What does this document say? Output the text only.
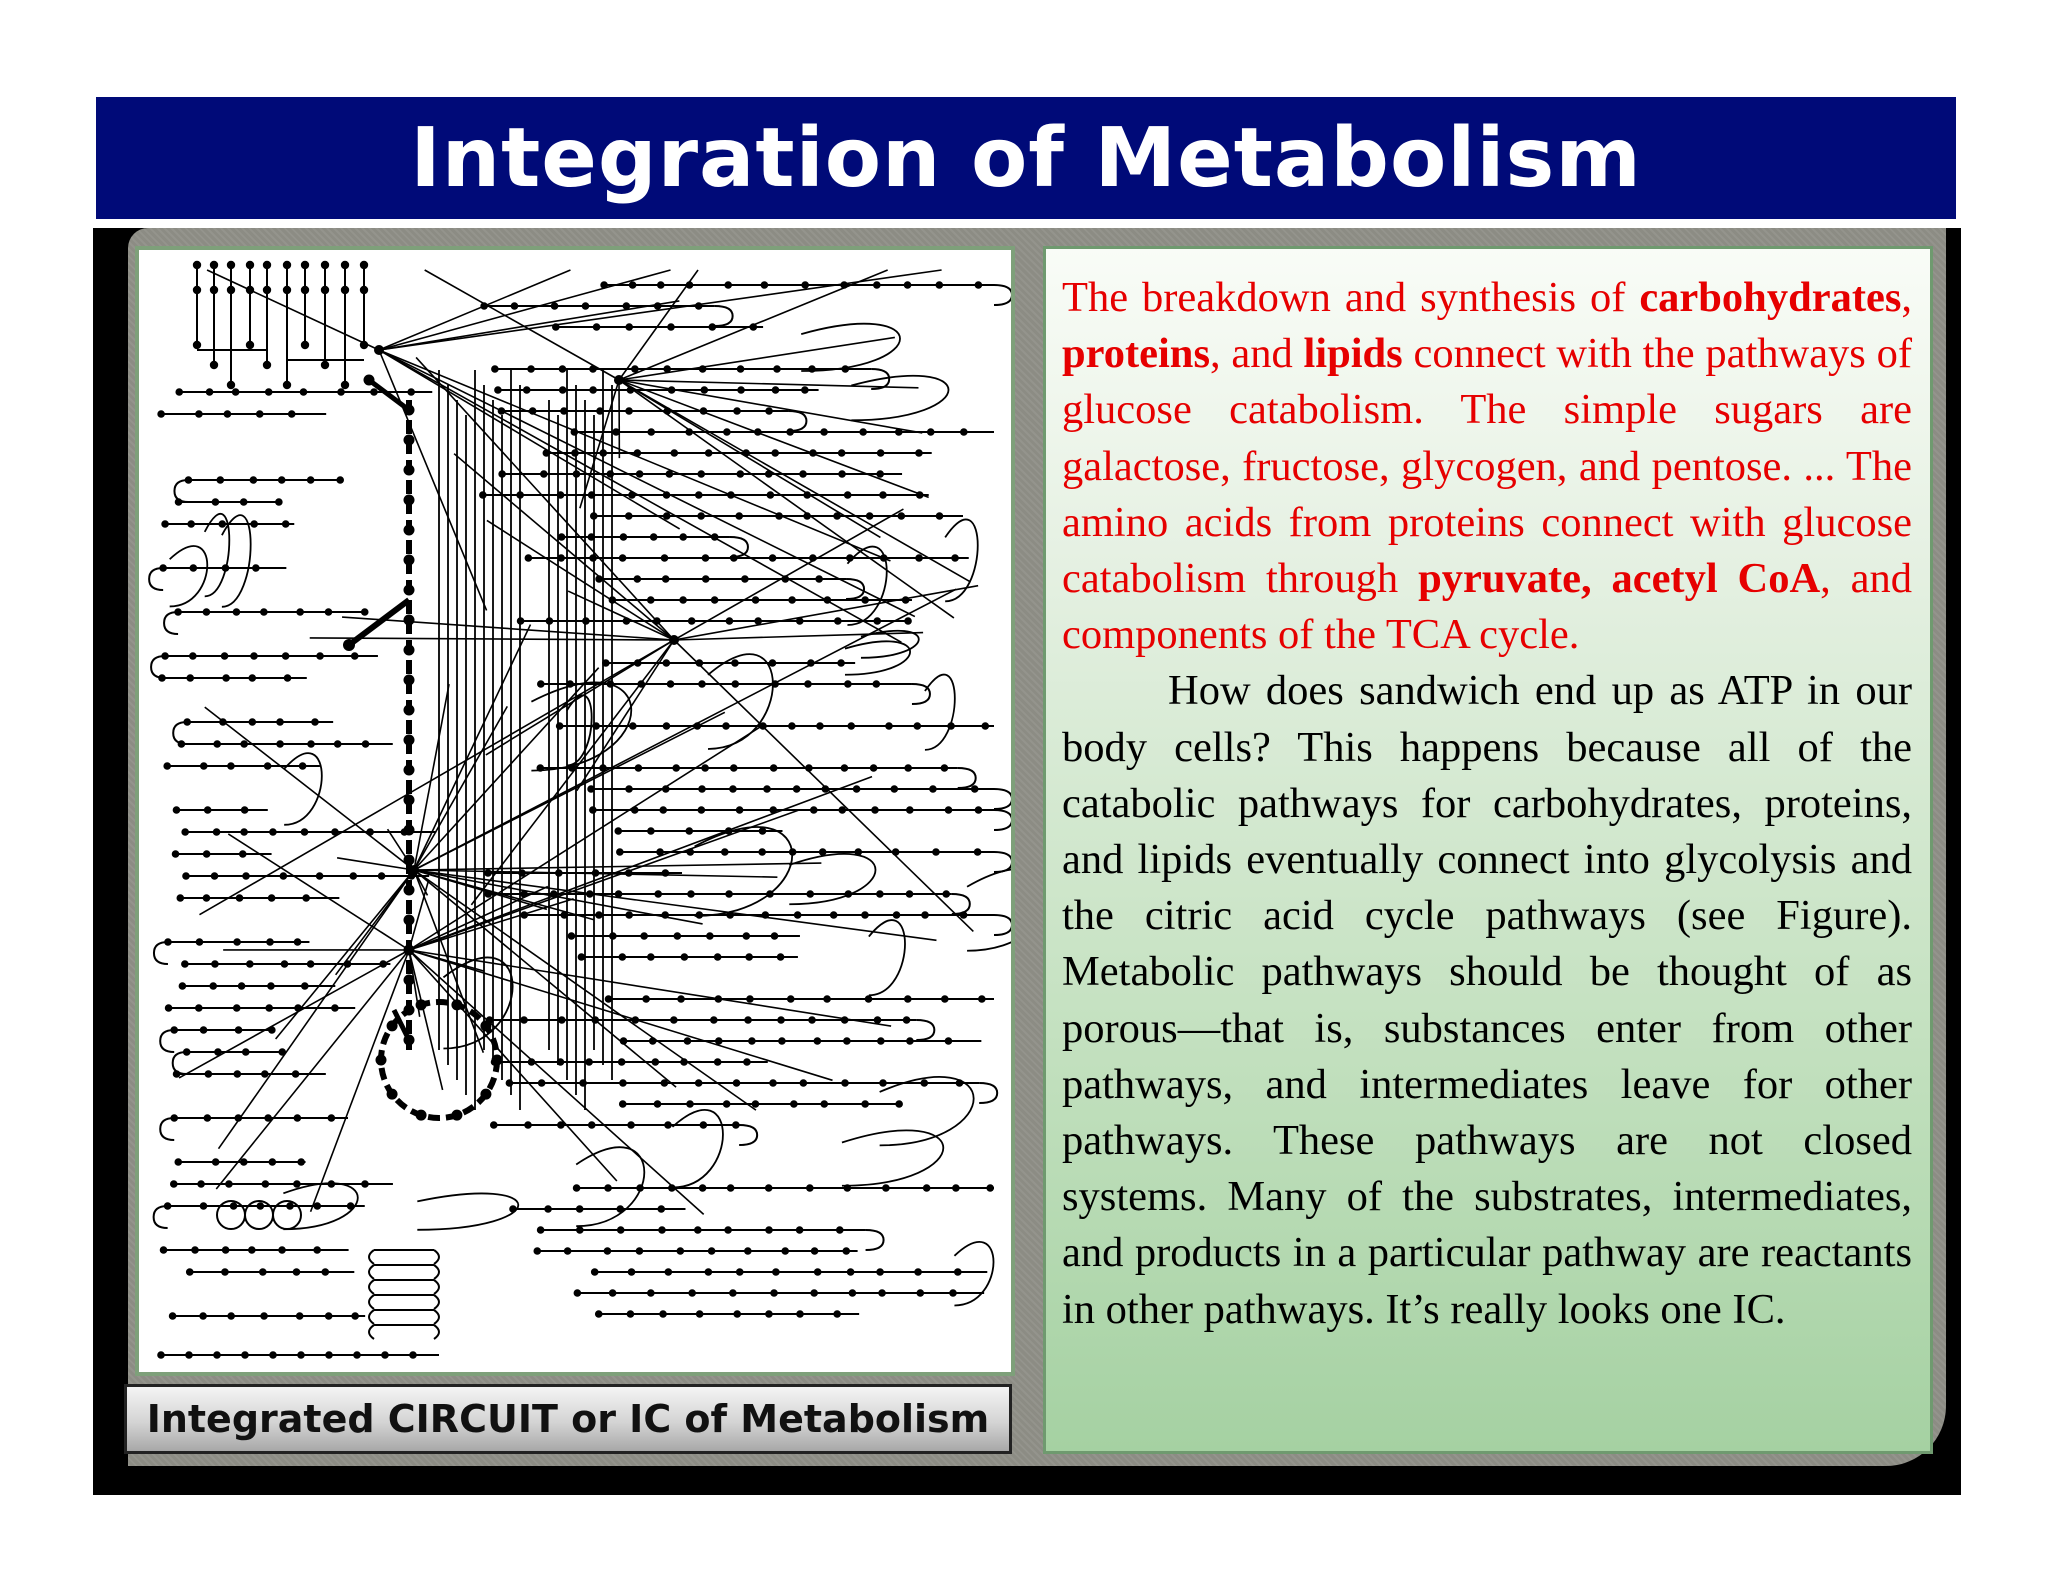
Integration of Metabolism
Integrated CIRCUIT or IC of Metabolism

The breakdown and synthesis of carbohydrates, proteins, and lipids connect with the pathways of glucose catabolism. The simple sugars are galactose, fructose, glycogen, and pentose. ... The amino acids from proteins connect with glucose catabolism through pyruvate, acetyl CoA, and components of the TCA cycle.

How does sandwich end up as ATP in our body cells? This happens because all of the catabolic pathways for carbohydrates, proteins, and lipids eventually connect into glycolysis and the citric acid cycle pathways (see Figure). Metabolic pathways should be thought of as porous—that is, substances enter from other pathways, and intermediates leave for other pathways. These pathways are not closed systems. Many of the substrates, intermediates, and products in a particular pathway are reactants in other pathways. It’s really looks one IC.
